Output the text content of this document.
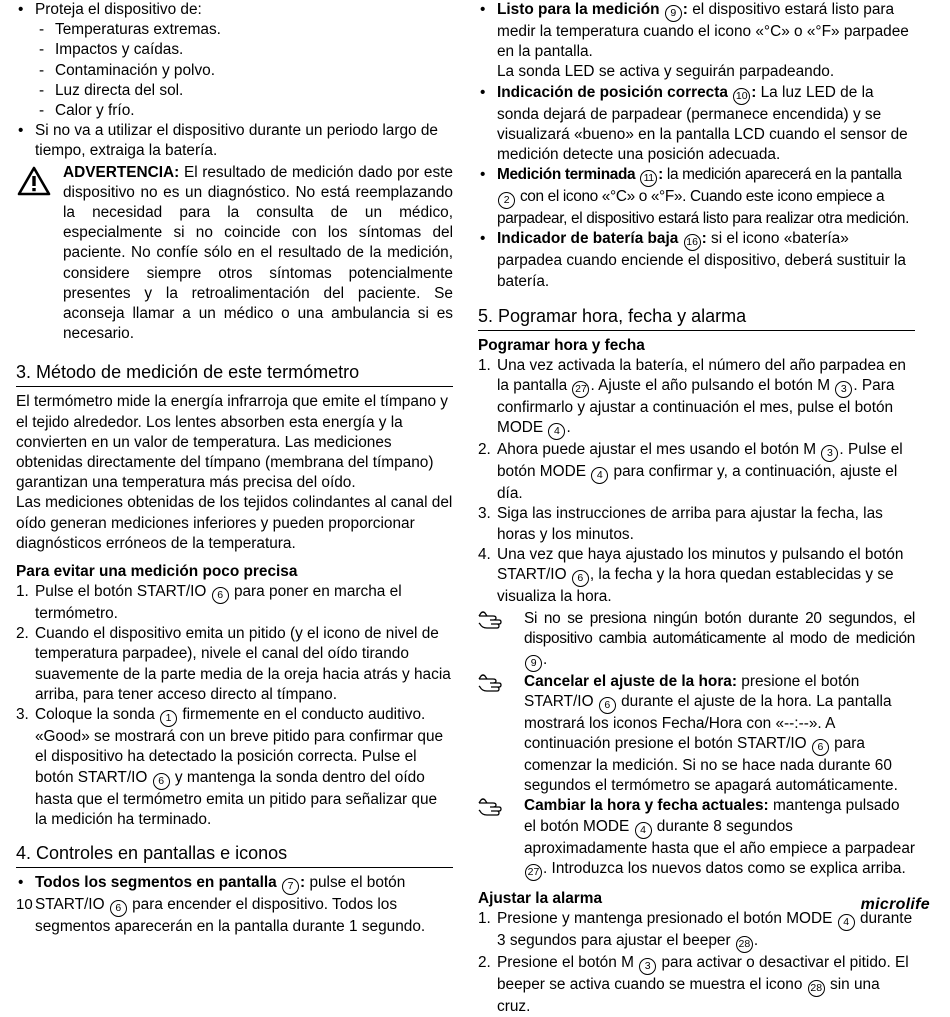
• Proteja el dispositivo de:
- Temperaturas extremas.
- Impactos y caídas.
- Contaminación y polvo.
- Luz directa del sol.
- Calor y frío.
• Si no va a utilizar el dispositivo durante un periodo largo de tiempo, extraiga la batería.

ADVERTENCIA: El resultado de medición dado por este dispositivo no es un diagnóstico. No está reemplazando la necesidad para la consulta de un médico, especialmente si no coincide con los síntomas del paciente. No confíe sólo en el resultado de la medición, considere siempre otros síntomas potencialmente presentes y la retroalimentación del paciente. Se aconseja llamar a un médico o una ambulancia si es necesario.

3. Método de medición de este termómetro

El termómetro mide la energía infrarroja que emite el tímpano y el tejido alrededor. Los lentes absorben esta energía y la convierten en un valor de temperatura. Las mediciones obtenidas directamente del tímpano (membrana del tímpano) garantizan una temperatura más precisa del oído.

Las mediciones obtenidas de los tejidos colindantes al canal del oído generan mediciones inferiores y pueden proporcionar diagnósticos erróneos de la temperatura.

Para evitar una medición poco precisa
1. Pulse el botón START/IO 6 para poner en marcha el termómetro.
2. Cuando el dispositivo emita un pitido (y el icono de nivel de temperatura parpadee), nivele el canal del oído tirando suavemente de la parte media de la oreja hacia atrás y hacia arriba, para tener acceso directo al tímpano.
3. Coloque la sonda 1 firmemente en el conducto auditivo. «Good» se mostrará con un breve pitido para confirmar que el dispositivo ha detectado la posición correcta. Pulse el botón START/IO 6 y mantenga la sonda dentro del oído hasta que el termómetro emita un pitido para señalizar que la medición ha terminado.
4. Controles en pantallas e iconos
• Todos los segmentos en pantalla 7 : pulse el botón START/IO 6 para encender el dispositivo. Todos los segmentos aparecerán en la pantalla durante 1 segundo.
• Listo para la medición 9 : el dispositivo estará listo para medir la temperatura cuando el icono «°C» o «°F» parpadee en la pantalla.
La sonda LED se activa y seguirán parpadeando.
• Indicación de posición correcta 10 : La luz LED de la sonda dejará de parpadear (permanece encendida) y se visualizará «bueno» en la pantalla LCD cuando el sensor de medición detecte una posición adecuada.
• Medición terminada 11 : la medición aparecerá en la pantalla 2 con el icono «°C» o «°F». Cuando este icono empiece a parpadear, el dispositivo estará listo para realizar otra medición.
• Indicador de batería baja 16 : si el icono «batería» parpadea cuando enciende el dispositivo, deberá sustituir la batería.
5. Pogramar hora, fecha y alarma
Pogramar hora y fecha
1. Una vez activada la batería, el número del año parpadea en la pantalla 27 . Ajuste el año pulsando el botón M 3 . Para confirmarlo y ajustar a continuación el mes, pulse el botón MODE 4 .
2. Ahora puede ajustar el mes usando el botón M 3 . Pulse el botón MODE 4 para confirmar y, a continuación, ajuste el día.
3. Siga las instrucciones de arriba para ajustar la fecha, las horas y los minutos.
4. Una vez que haya ajustado los minutos y pulsando el botón START/IO 6 , la fecha y la hora quedan establecidas y se visualiza la hora.

Si no se presiona ningún botón durante 20 segundos, el dispositivo cambia automáticamente al modo de medición 9 .

Cancelar el ajuste de la hora: presione el botón START/IO 6 durante el ajuste de la hora. La pantalla mostrará los iconos Fecha/Hora con «--:--». A continuación presione el botón START/IO 6 para comenzar la medición. Si no se hace nada durante 60 segundos el termómetro se apagará automáticamente.

Cambiar la hora y fecha actuales: mantenga pulsado el botón MODE 4 durante 8 segundos aproximadamente hasta que el año empiece a parpadear 27 . Introduzca los nuevos datos como se explica arriba.

Ajustar la alarma
1. Presione y mantenga presionado el botón MODE 4 durante 3 segundos para ajustar el beeper 28 .
2. Presione el botón M 3 para activar o desactivar el pitido. El beeper se activa cuando se muestra el icono 28 sin una cruz.
10	microlife
